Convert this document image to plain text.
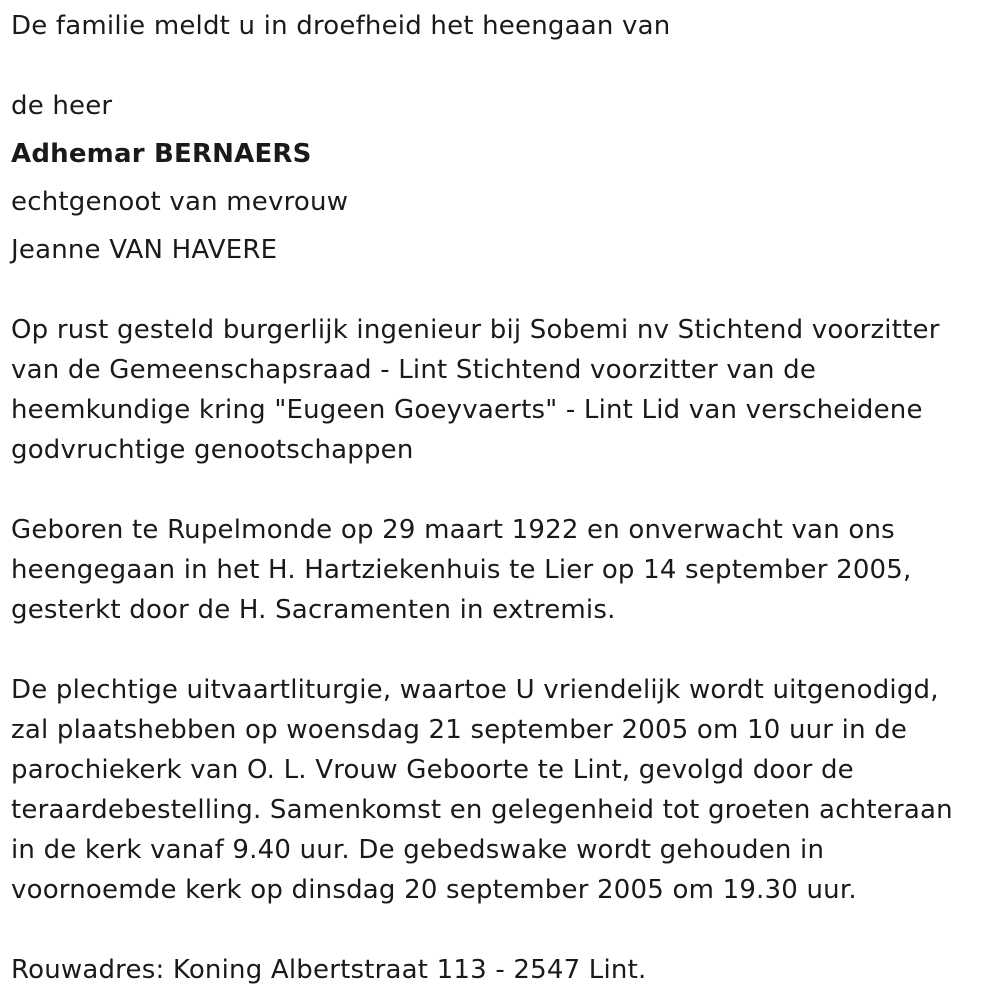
De familie meldt u in droefheid het heengaan van
de heer
Adhemar BERNAERS
echtgenoot van mevrouw
Jeanne VAN HAVERE
Op rust gesteld burgerlijk ingenieur bij Sobemi nv Stichtend voorzitter
van de Gemeenschapsraad - Lint Stichtend voorzitter van de
heemkundige kring "Eugeen Goeyvaerts" - Lint Lid van verscheidene
godvruchtige genootschappen
Geboren te Rupelmonde op 29 maart 1922 en onverwacht van ons
heengegaan in het H. Hartziekenhuis te Lier op 14 september 2005,
gesterkt door de H. Sacramenten in extremis.
De plechtige uitvaartliturgie, waartoe U vriendelijk wordt uitgenodigd,
zal plaatshebben op woensdag 21 september 2005 om 10 uur in de
parochiekerk van O. L. Vrouw Geboorte te Lint, gevolgd door de
teraardebestelling. Samenkomst en gelegenheid tot groeten achteraan
in de kerk vanaf 9.40 uur. De gebedswake wordt gehouden in
voornoemde kerk op dinsdag 20 september 2005 om 19.30 uur.
Rouwadres: Koning Albertstraat 113 - 2547 Lint.
